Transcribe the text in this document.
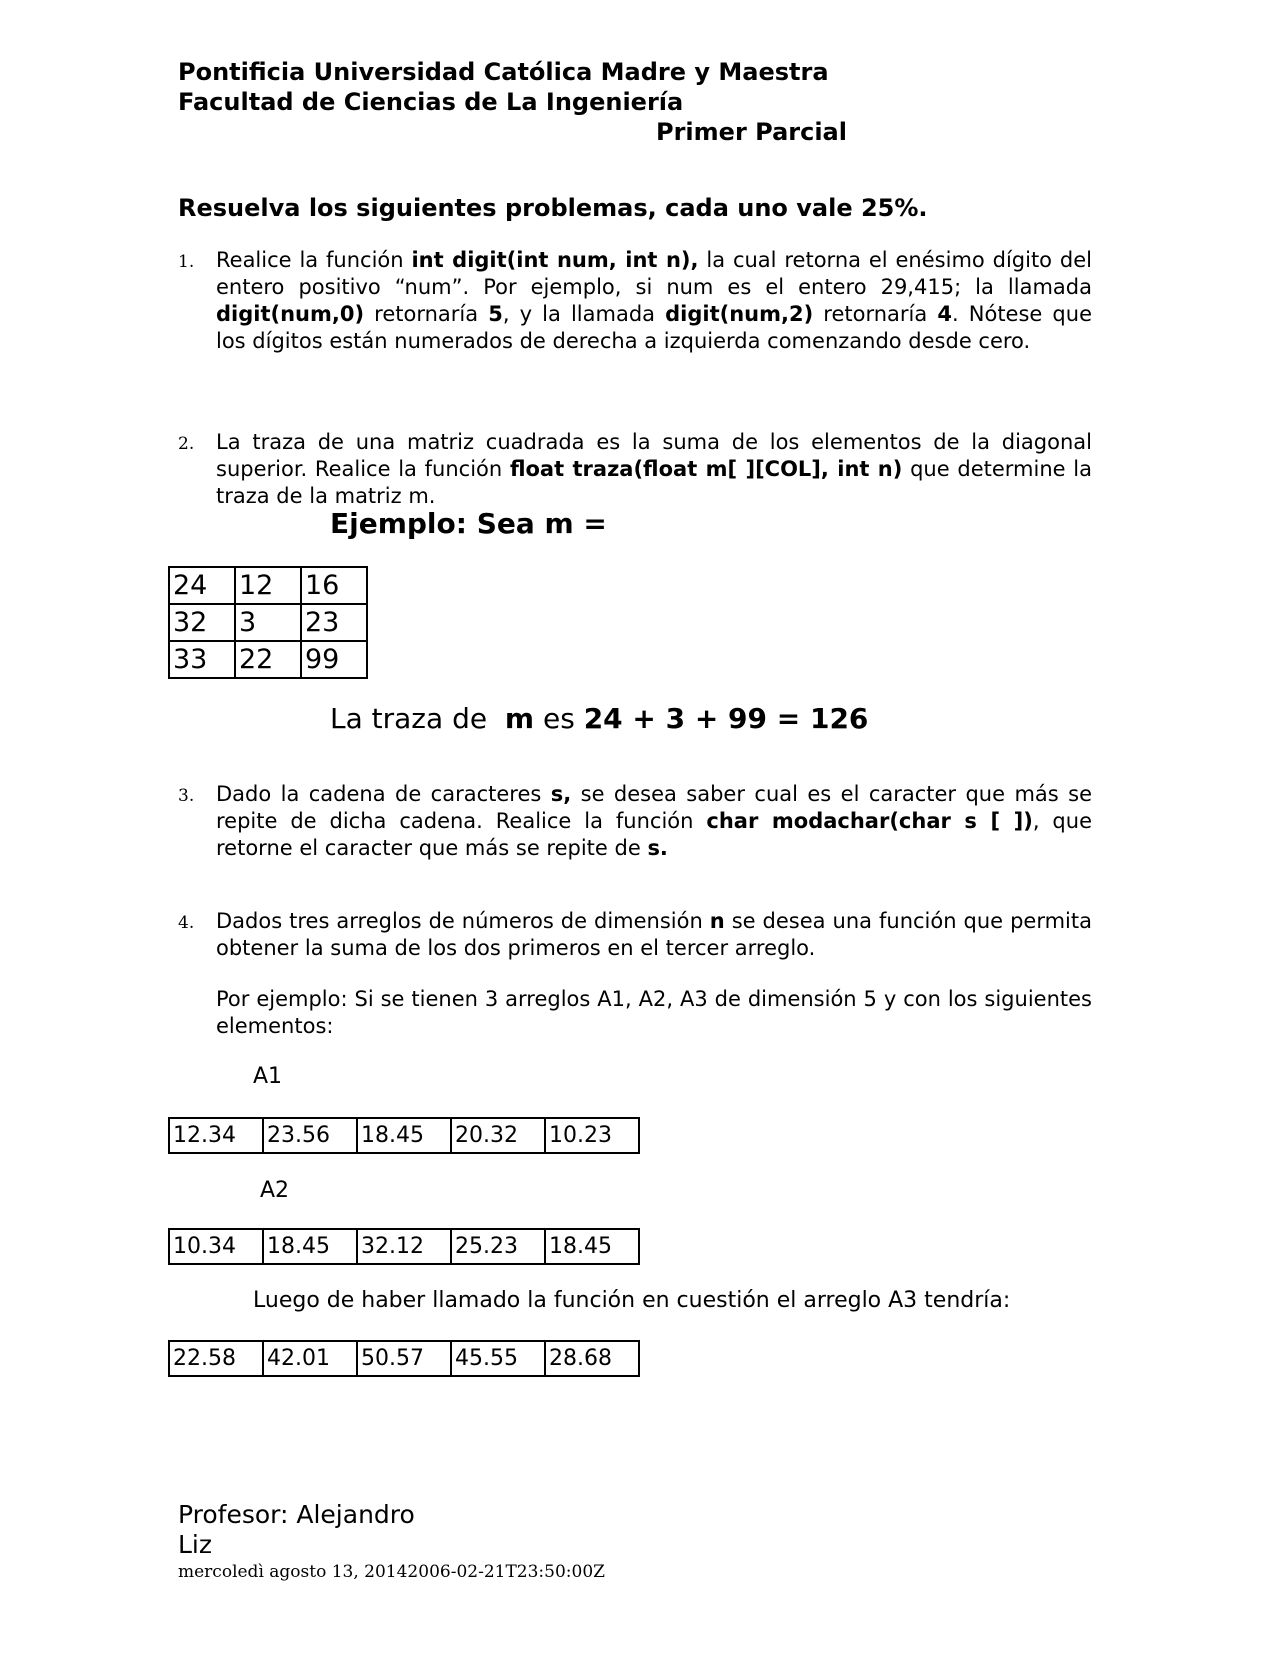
Pontificia Universidad Católica Madre y Maestra
Facultad de Ciencias de La Ingeniería
Primer Parcial
Resuelva los siguientes problemas, cada uno vale 25%.
1. Realice la función int digit(int num, int n), la cual retorna el enésimo dígito del entero positivo “num”. Por ejemplo, si num es el entero 29,415; la llamada digit(num,0) retornaría 5, y la llamada digit(num,2) retornaría 4. Nótese que los dígitos están numerados de derecha a izquierda comenzando desde cero.
2. La traza de una matriz cuadrada es la suma de los elementos de la diagonal superior. Realice la función float traza(float m[ ][COL], int n) que determine la traza de la matriz m.
Ejemplo: Sea m =
24	12	16
32	3	23
33	22	99
La traza de  m es 24 + 3 + 99 = 126
3. Dado la cadena de caracteres s, se desea saber cual es el caracter que más se repite de dicha cadena. Realice la función char modachar(char s [ ]), que retorne el caracter que más se repite de s.
4. Dados tres arreglos de números de dimensión n se desea una función que permita obtener la suma de los dos primeros en el tercer arreglo.
Por ejemplo: Si se tienen 3 arreglos A1, A2, A3 de dimensión 5 y con los siguientes elementos:
A1
12.34	23.56	18.45	20.32	10.23
A2
10.34	18.45	32.12	25.23	18.45
Luego de haber llamado la función en cuestión el arreglo A3 tendría:
22.58	42.01	50.57	45.55	28.68
Profesor: Alejandro
Liz
mercoledì agosto 13, 20142006-02-21T23:50:00Z
